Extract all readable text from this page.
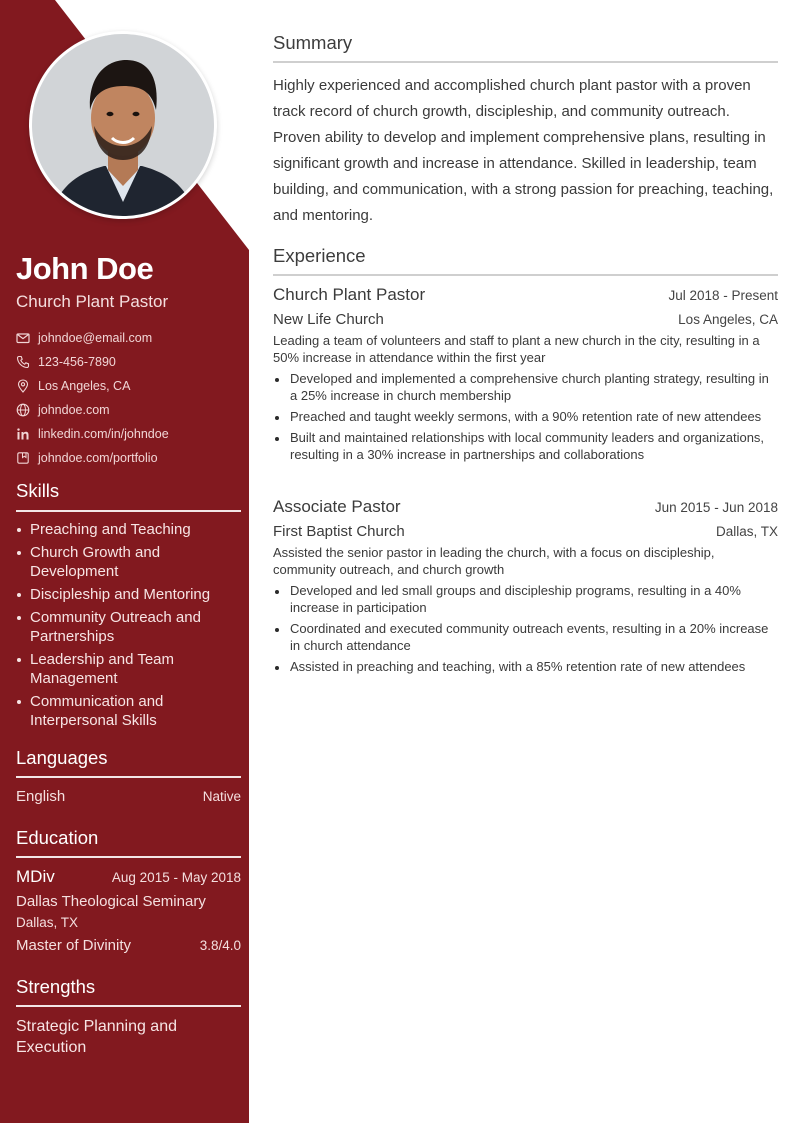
John Doe
Church Plant Pastor
johndoe@email.com
123-456-7890
Los Angeles, CA
johndoe.com
linkedin.com/in/johndoe
johndoe.com/portfolio
Skills
Preaching and Teaching
Church Growth and Development
Discipleship and Mentoring
Community Outreach and Partnerships
Leadership and Team Management
Communication and Interpersonal Skills
Languages
English	Native
Education
MDiv	Aug 2015 - May 2018
Dallas Theological Seminary
Dallas, TX
Master of Divinity	3.8/4.0
Strengths
Strategic Planning and Execution
Summary

Highly experienced and accomplished church plant pastor with a proven track record of church growth, discipleship, and community outreach. Proven ability to develop and implement comprehensive plans, resulting in significant growth and increase in attendance. Skilled in leadership, team building, and communication, with a strong passion for preaching, teaching, and mentoring.

Experience
Church Plant Pastor	Jul 2018 - Present
New Life Church	Los Angeles, CA

Leading a team of volunteers and staff to plant a new church in the city, resulting in a 50% increase in attendance within the first year

Developed and implemented a comprehensive church planting strategy, resulting in a 25% increase in church membership
Preached and taught weekly sermons, with a 90% retention rate of new attendees
Built and maintained relationships with local community leaders and organizations, resulting in a 30% increase in partnerships and collaborations
Associate Pastor	Jun 2015 - Jun 2018
First Baptist Church	Dallas, TX

Assisted the senior pastor in leading the church, with a focus on discipleship, community outreach, and church growth

Developed and led small groups and discipleship programs, resulting in a 40% increase in participation
Coordinated and executed community outreach events, resulting in a 20% increase in church attendance
Assisted in preaching and teaching, with a 85% retention rate of new attendees
